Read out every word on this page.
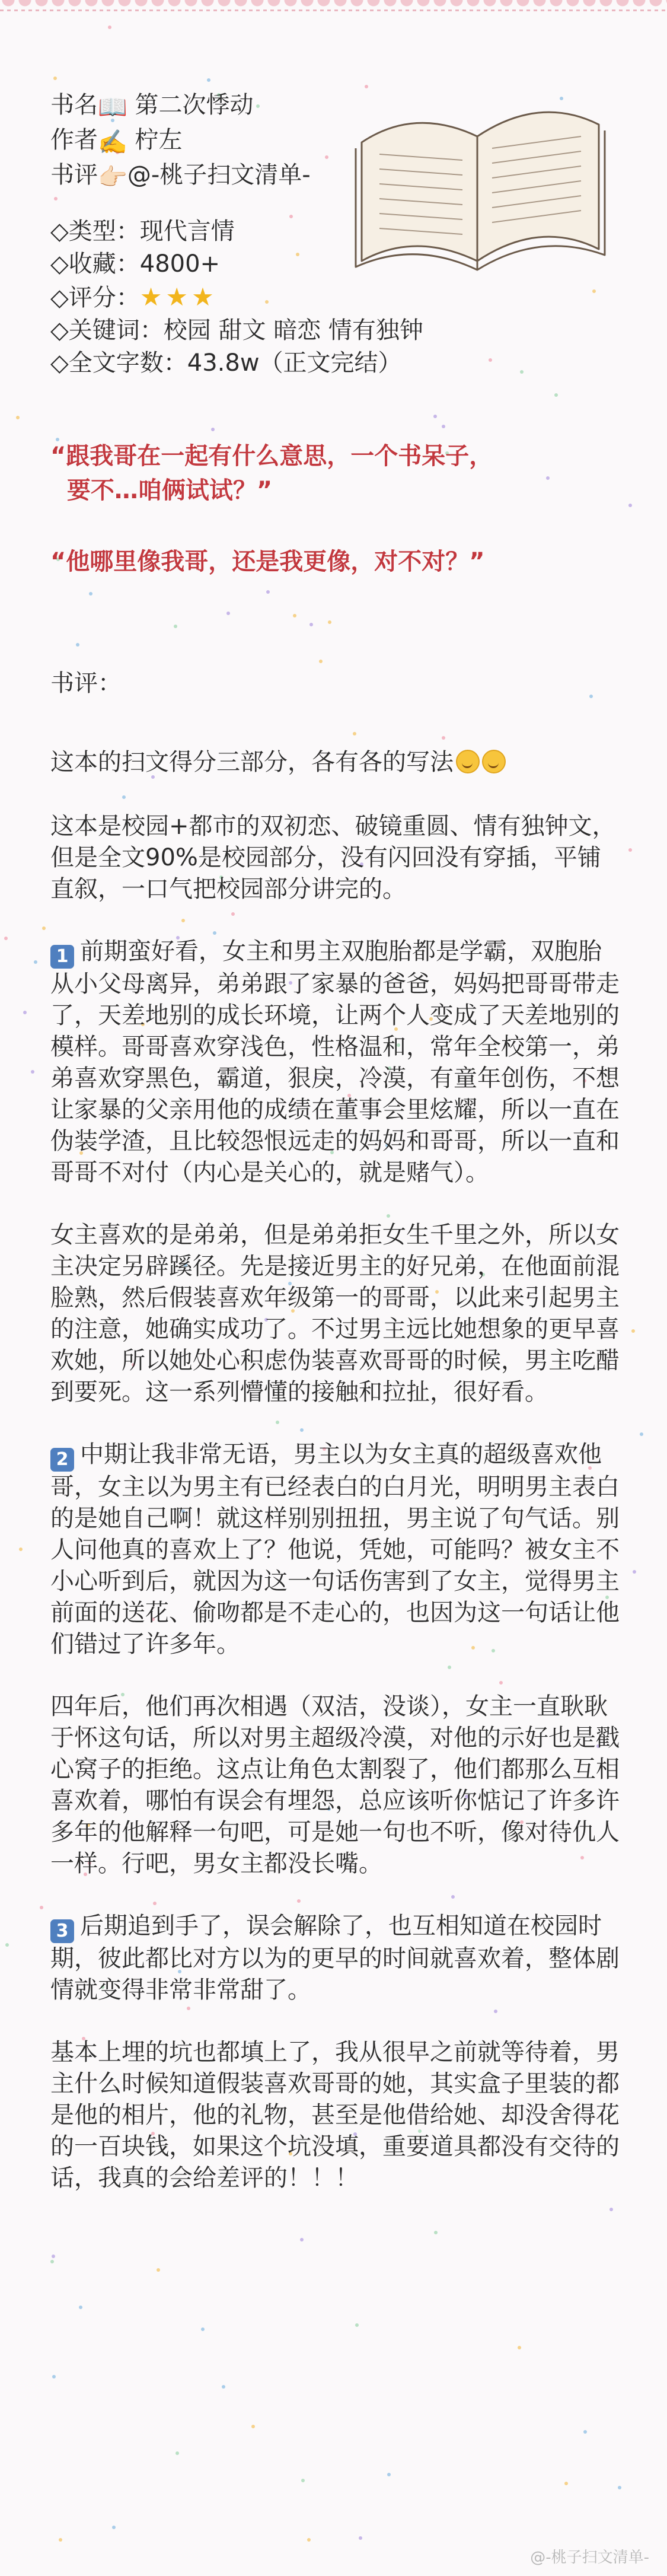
书名📖 第二次悸动

作者✍️ 柠左

书评👉🏻@-桃子扫文清单-

◇类型：现代言情

◇收藏：4800+

◇评分：★ ★ ★

◇关键词：校园 甜文 暗恋 情有独钟

◇全文字数：43.8w（正文完结）

“跟我哥在一起有什么意思，一个书呆子，

要不…咱俩试试？”

“他哪里像我哥，还是我更像，对不对？”

书评：

这本的扫文得分三部分，各有各的写法

这本是校园+都市的双初恋、破镜重圆、情有独钟文，但是全文90%是校园部分，没有闪回没有穿插，平铺直叙，一口气把校园部分讲完的。

1 前期蛮好看，女主和男主双胞胎都是学霸，双胞胎从小父母离异，弟弟跟了家暴的爸爸，妈妈把哥哥带走了，天差地别的成长环境，让两个人变成了天差地别的模样。哥哥喜欢穿浅色，性格温和，常年全校第一，弟弟喜欢穿黑色，霸道，狠戾，冷漠，有童年创伤，不想让家暴的父亲用他的成绩在董事会里炫耀，所以一直在伪装学渣，且比较怨恨远走的妈妈和哥哥，所以一直和哥哥不对付（内心是关心的，就是赌气）。

女主喜欢的是弟弟，但是弟弟拒女生千里之外，所以女主决定另辟蹊径。先是接近男主的好兄弟，在他面前混脸熟，然后假装喜欢年级第一的哥哥，以此来引起男主的注意，她确实成功了。不过男主远比她想象的更早喜欢她，所以她处心积虑伪装喜欢哥哥的时候，男主吃醋到要死。这一系列懵懂的接触和拉扯，很好看。

2 中期让我非常无语，男主以为女主真的超级喜欢他哥，女主以为男主有已经表白的白月光，明明男主表白的是她自己啊！就这样别别扭扭，男主说了句气话。别人问他真的喜欢上了？他说，凭她，可能吗？被女主不小心听到后，就因为这一句话伤害到了女主，觉得男主前面的送花、偷吻都是不走心的，也因为这一句话让他们错过了许多年。

四年后，他们再次相遇（双洁，没谈），女主一直耿耿于怀这句话，所以对男主超级冷漠，对他的示好也是戳心窝子的拒绝。这点让角色太割裂了，他们都那么互相喜欢着，哪怕有误会有埋怨，总应该听你惦记了许多许多年的他解释一句吧，可是她一句也不听，像对待仇人一样。行吧，男女主都没长嘴。

3 后期追到手了，误会解除了，也互相知道在校园时期，彼此都比对方以为的更早的时间就喜欢着，整体剧情就变得非常非常甜了。

基本上埋的坑也都填上了，我从很早之前就等待着，男主什么时候知道假装喜欢哥哥的她，其实盒子里装的都是他的相片，他的礼物，甚至是他借给她、却没舍得花的一百块钱，如果这个坑没填，重要道具都没有交待的话，我真的会给差评的！！！

@-桃子扫文清单-
